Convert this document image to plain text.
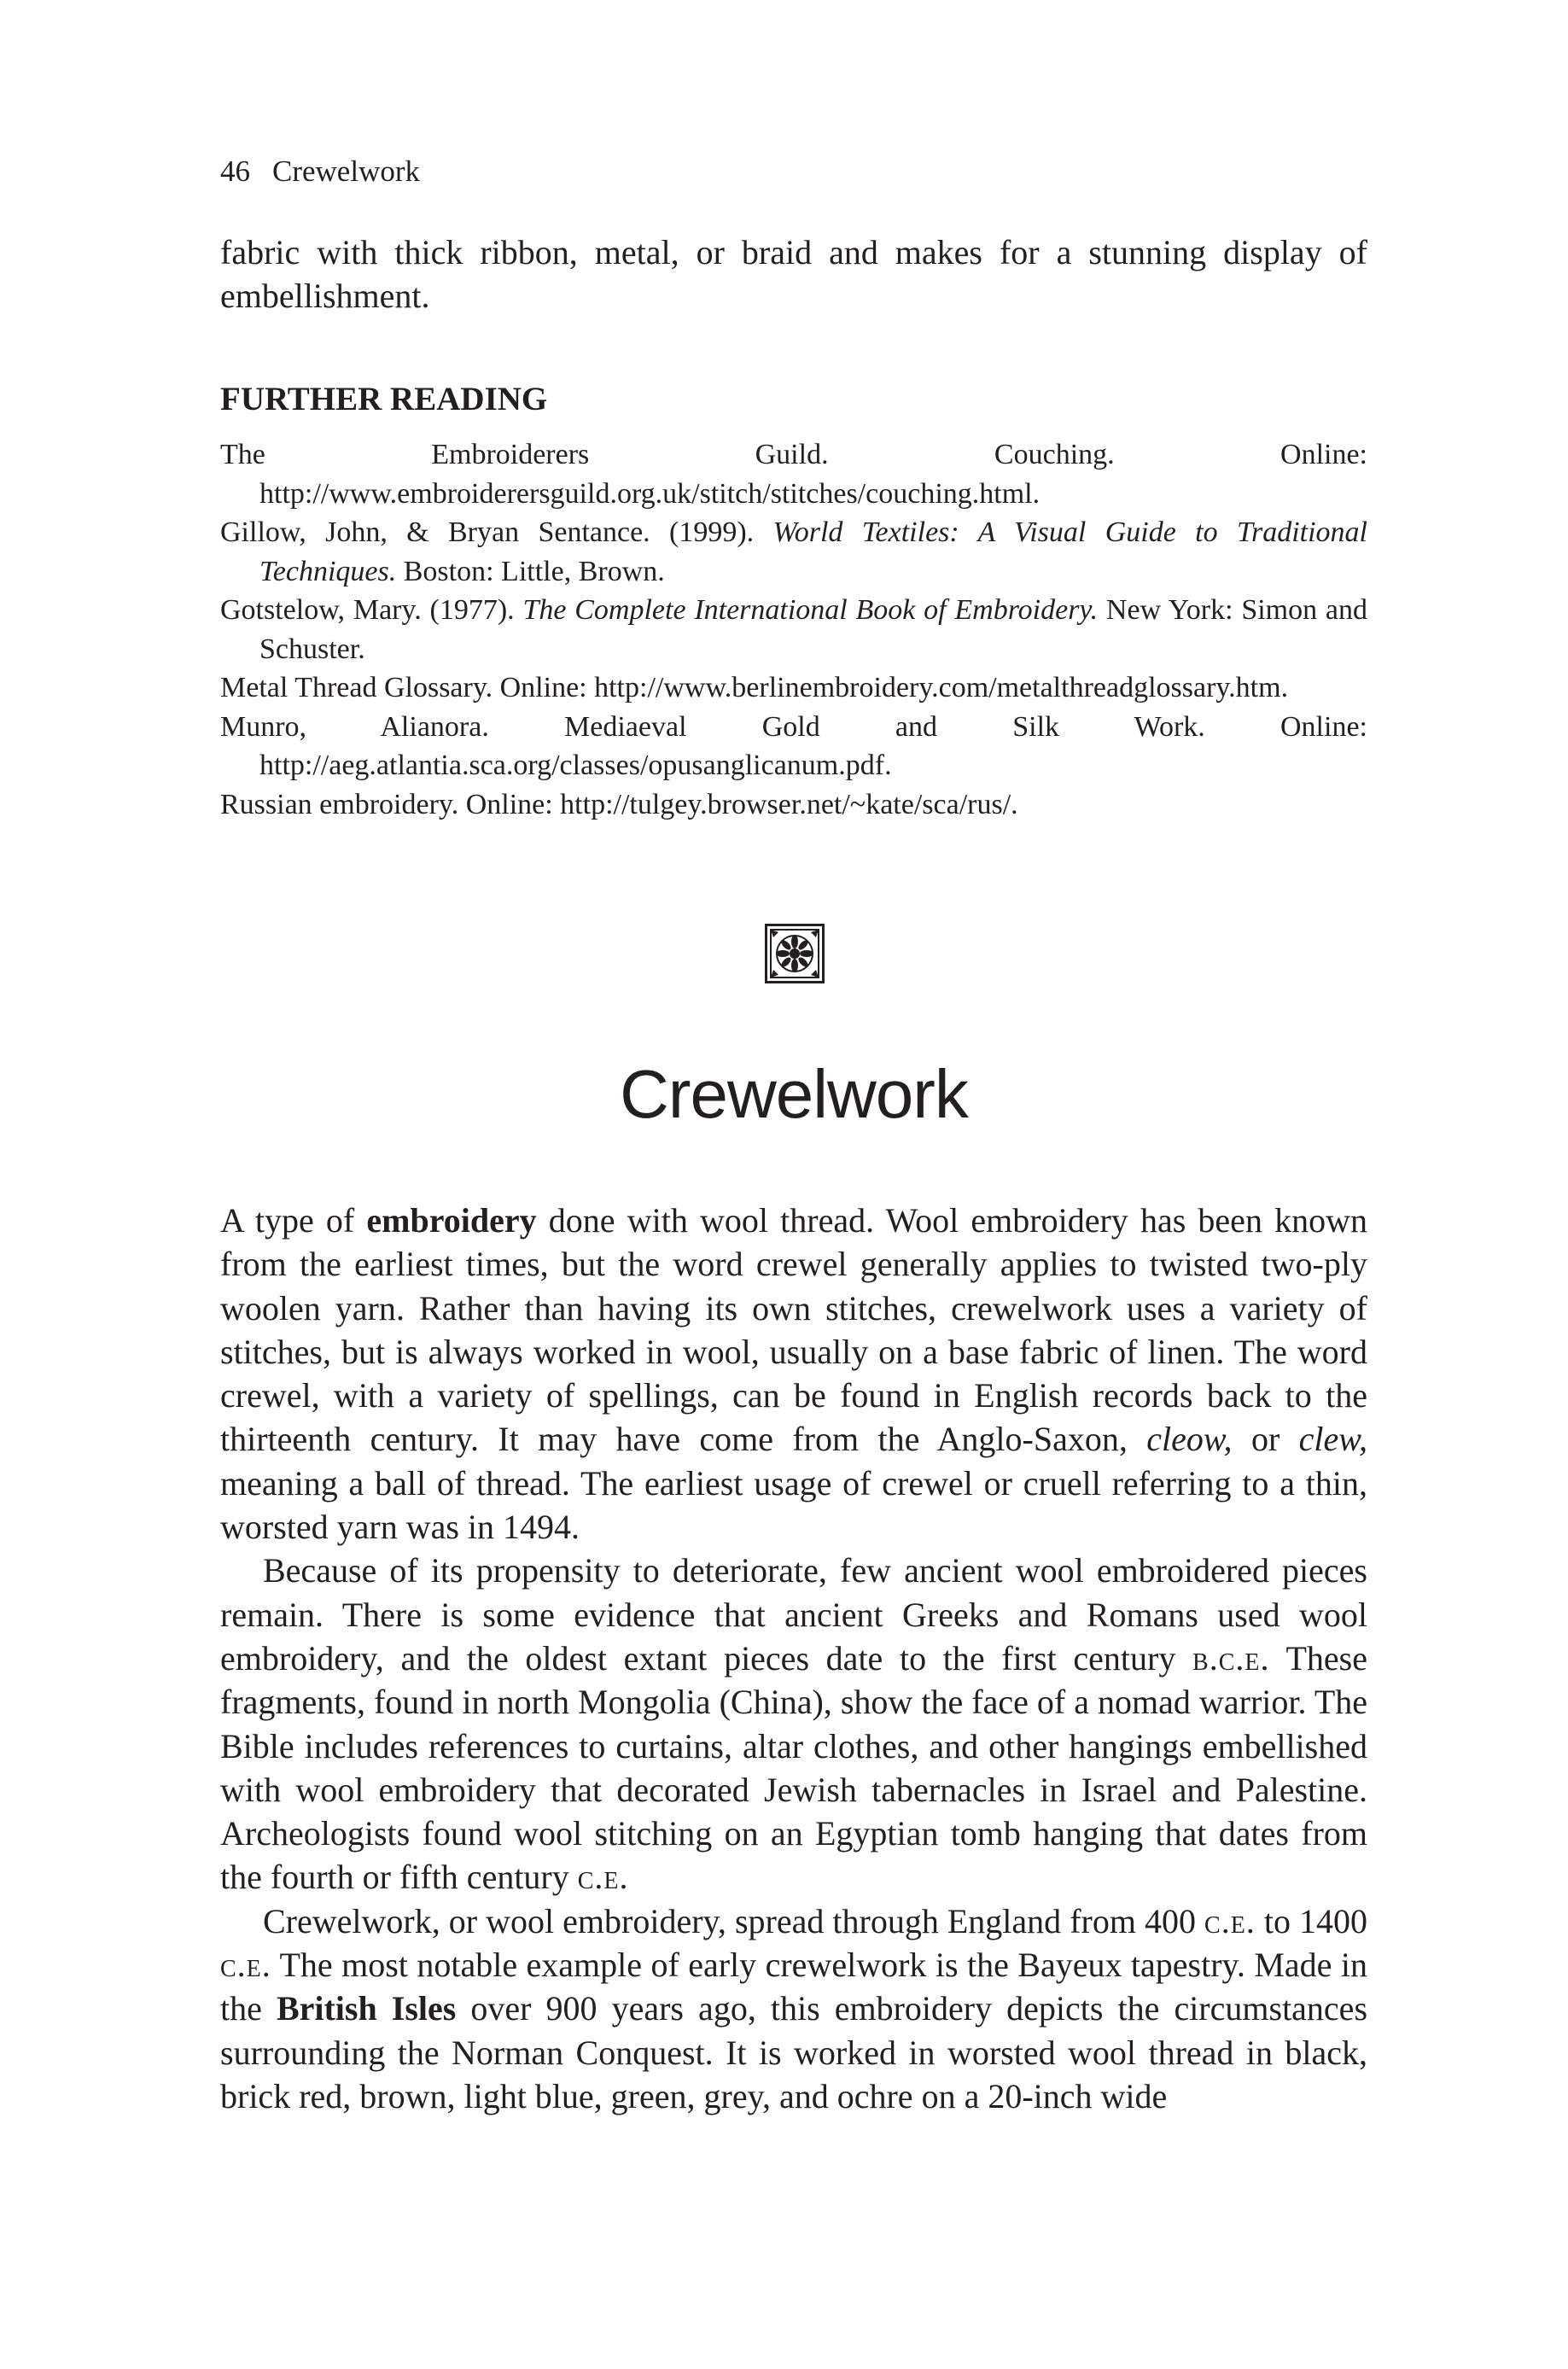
46 Crewelwork

fabric with thick ribbon, metal, or braid and makes for a stunning display of embellishment.

FURTHER READING
The Embroiderers Guild. Couching. Online: http://www.embroiderersguild.org.uk/stitch/stitches/couching.html.
Gillow, John, & Bryan Sentance. (1999). World Textiles: A Visual Guide to Traditional Techniques. Boston: Little, Brown.
Gotstelow, Mary. (1977). The Complete International Book of Embroidery. New York: Simon and Schuster.
Metal Thread Glossary. Online: http://www.berlinembroidery.com/metalthreadglossary.htm.
Munro, Alianora. Mediaeval Gold and Silk Work. Online: http://aeg.atlantia.sca.org/classes/opusanglicanum.pdf.
Russian embroidery. Online: http://tulgey.browser.net/~kate/sca/rus/.
Crewelwork

A type of embroidery done with wool thread. Wool embroidery has been known from the earliest times, but the word crewel generally applies to twisted two-ply woolen yarn. Rather than having its own stitches, crewelwork uses a variety of stitches, but is always worked in wool, usually on a base fabric of linen. The word crewel, with a variety of spellings, can be found in English records back to the thirteenth century. It may have come from the Anglo-Saxon, cleow, or clew, meaning a ball of thread. The earliest usage of crewel or cruell referring to a thin, worsted yarn was in 1494.

Because of its propensity to deteriorate, few ancient wool embroidered pieces remain. There is some evidence that ancient Greeks and Romans used wool embroidery, and the oldest extant pieces date to the first century b.c.e. These fragments, found in north Mongolia (China), show the face of a nomad warrior. The Bible includes references to curtains, altar clothes, and other hangings embellished with wool embroidery that decorated Jewish tabernacles in Israel and Palestine. Archeologists found wool stitching on an Egyptian tomb hanging that dates from the fourth or fifth century c.e.

Crewelwork, or wool embroidery, spread through England from 400 c.e. to 1400 c.e. The most notable example of early crewelwork is the Bayeux tapestry. Made in the British Isles over 900 years ago, this embroidery depicts the circumstances surrounding the Norman Conquest. It is worked in worsted wool thread in black, brick red, brown, light blue, green, grey, and ochre on a 20-inch wide
